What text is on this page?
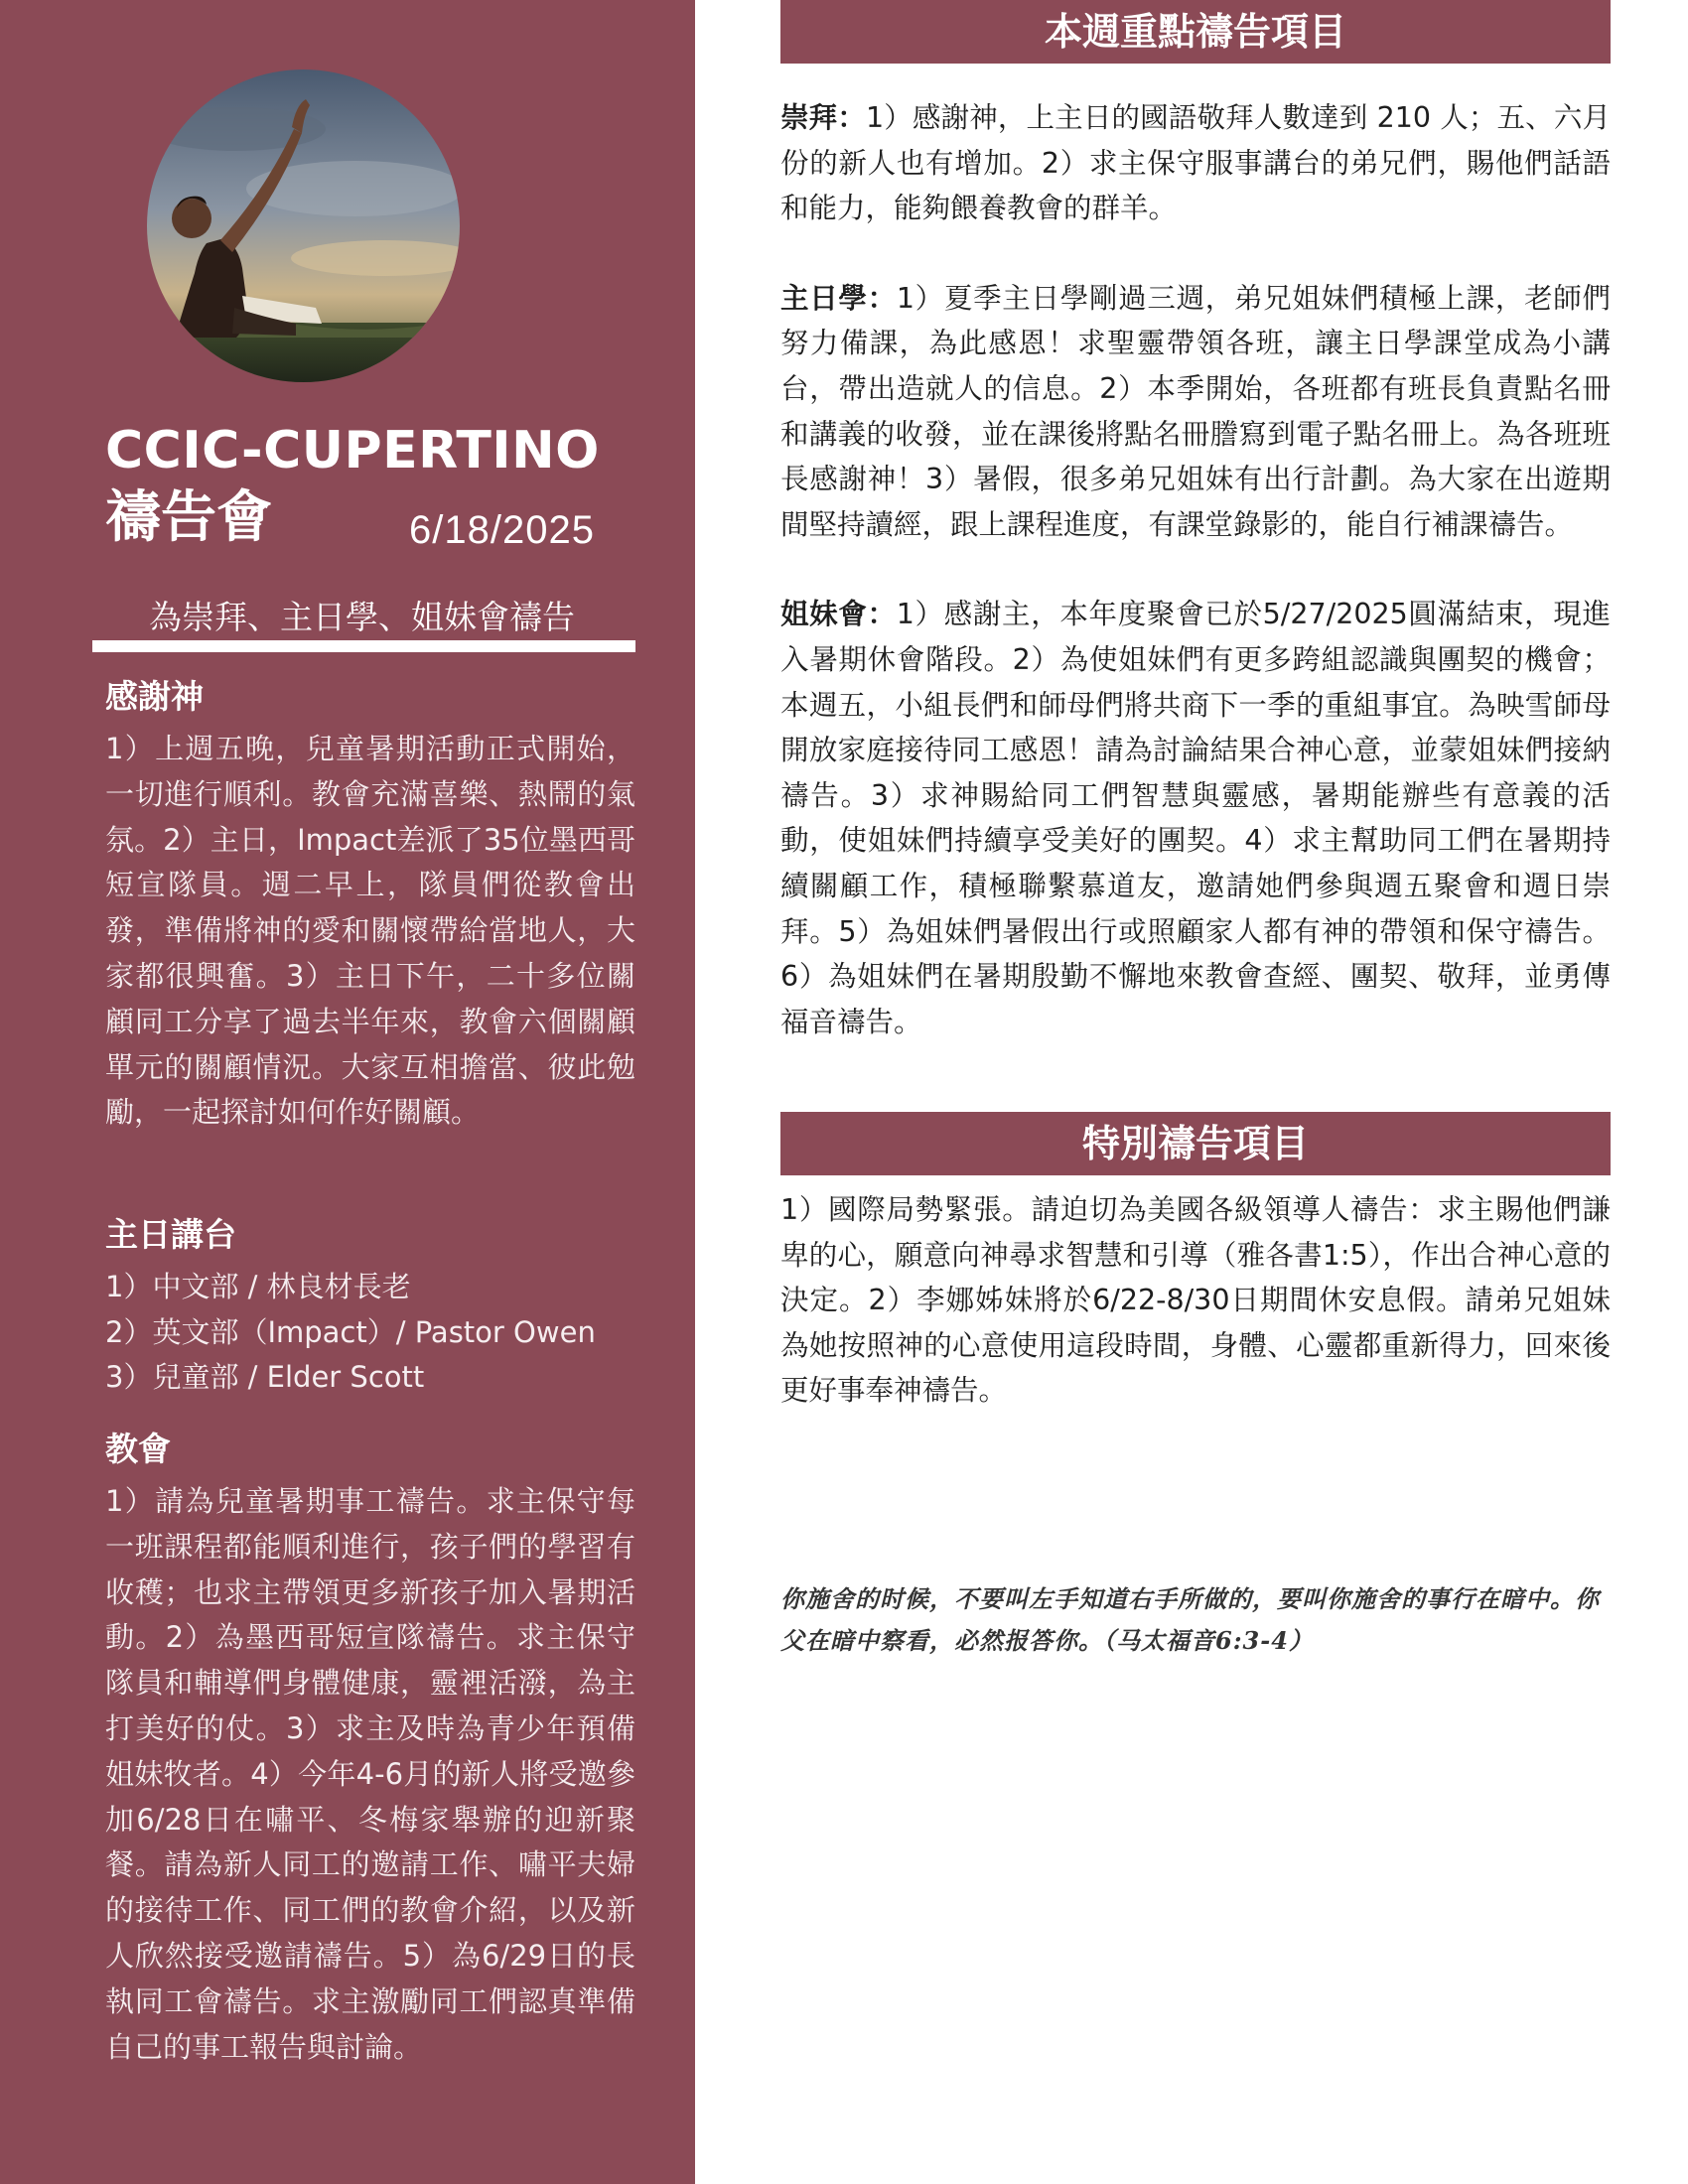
CCIC-CUPERTINO
禱告會	6/18/2025
為崇拜、主日學、姐妹會禱告
感謝神

1）上週五晚，兒童暑期活動正式開始，一切進行順利。教會充滿喜樂、熱鬧的氣氛。2）主日，Impact差派了35位墨西哥短宣隊員。週二早上，隊員們從教會出發，準備將神的愛和關懷帶給當地人，大家都很興奮。3）主日下午，二十多位關顧同工分享了過去半年來，教會六個關顧單元的關顧情況。大家互相擔當、彼此勉勵，一起探討如何作好關顧。

主日講台
1）中文部 / 林良材長老
2）英文部（Impact）/ Pastor Owen
3）兒童部 / Elder Scott
教會

1）請為兒童暑期事工禱告。求主保守每一班課程都能順利進行，孩子們的學習有收穫；也求主帶領更多新孩子加入暑期活動。2）為墨西哥短宣隊禱告。求主保守隊員和輔導們身體健康，靈裡活潑，為主打美好的仗。3）求主及時為青少年預備姐妹牧者。4）今年4-6月的新人將受邀參加6/28日在嘯平、冬梅家舉辦的迎新聚餐。請為新人同工的邀請工作、嘯平夫婦的接待工作、同工們的教會介紹，以及新人欣然接受邀請禱告。5）為6/29日的長執同工會禱告。求主激勵同工們認真準備自己的事工報告與討論。

本週重點禱告項目

崇拜：1）感謝神，上主日的國語敬拜人數達到 210 人；五、六月份的新人也有增加。2）求主保守服事講台的弟兄們，賜他們話語和能力，能夠餵養教會的群羊。

主日學：1）夏季主日學剛過三週，弟兄姐妹們積極上課，老師們努力備課，為此感恩！求聖靈帶領各班，讓主日學課堂成為小講台，帶出造就人的信息。2）本季開始，各班都有班長負責點名冊和講義的收發，並在課後將點名冊謄寫到電子點名冊上。為各班班長感謝神！3）暑假，很多弟兄姐妹有出行計劃。為大家在出遊期間堅持讀經，跟上課程進度，有課堂錄影的，能自行補課禱告。

姐妹會：1）感謝主，本年度聚會已於5/27/2025圓滿結束，現進入暑期休會階段。2）為使姐妹們有更多跨組認識與團契的機會；本週五，小組長們和師母們將共商下一季的重組事宜。為映雪師母開放家庭接待同工感恩！請為討論結果合神心意，並蒙姐妹們接納禱告。3）求神賜給同工們智慧與靈感，暑期能辦些有意義的活動，使姐妹們持續享受美好的團契。4）求主幫助同工們在暑期持續關顧工作，積極聯繫慕道友，邀請她們參與週五聚會和週日崇拜。5）為姐妹們暑假出行或照顧家人都有神的帶領和保守禱告。6）為姐妹們在暑期殷勤不懈地來教會查經、團契、敬拜，並勇傳福音禱告。

特別禱告項目

1）國際局勢緊張。請迫切為美國各級領導人禱告：求主賜他們謙卑的心，願意向神尋求智慧和引導（雅各書1:5），作出合神心意的決定。2）李娜姊妹將於6/22-8/30日期間休安息假。請弟兄姐妹為她按照神的心意使用這段時間，身體、心靈都重新得力，回來後更好事奉神禱告。

你施舍的时候，不要叫左手知道右手所做的，要叫你施舍的事行在暗中。你父在暗中察看，必然报答你。（马太福音6:3-4）
